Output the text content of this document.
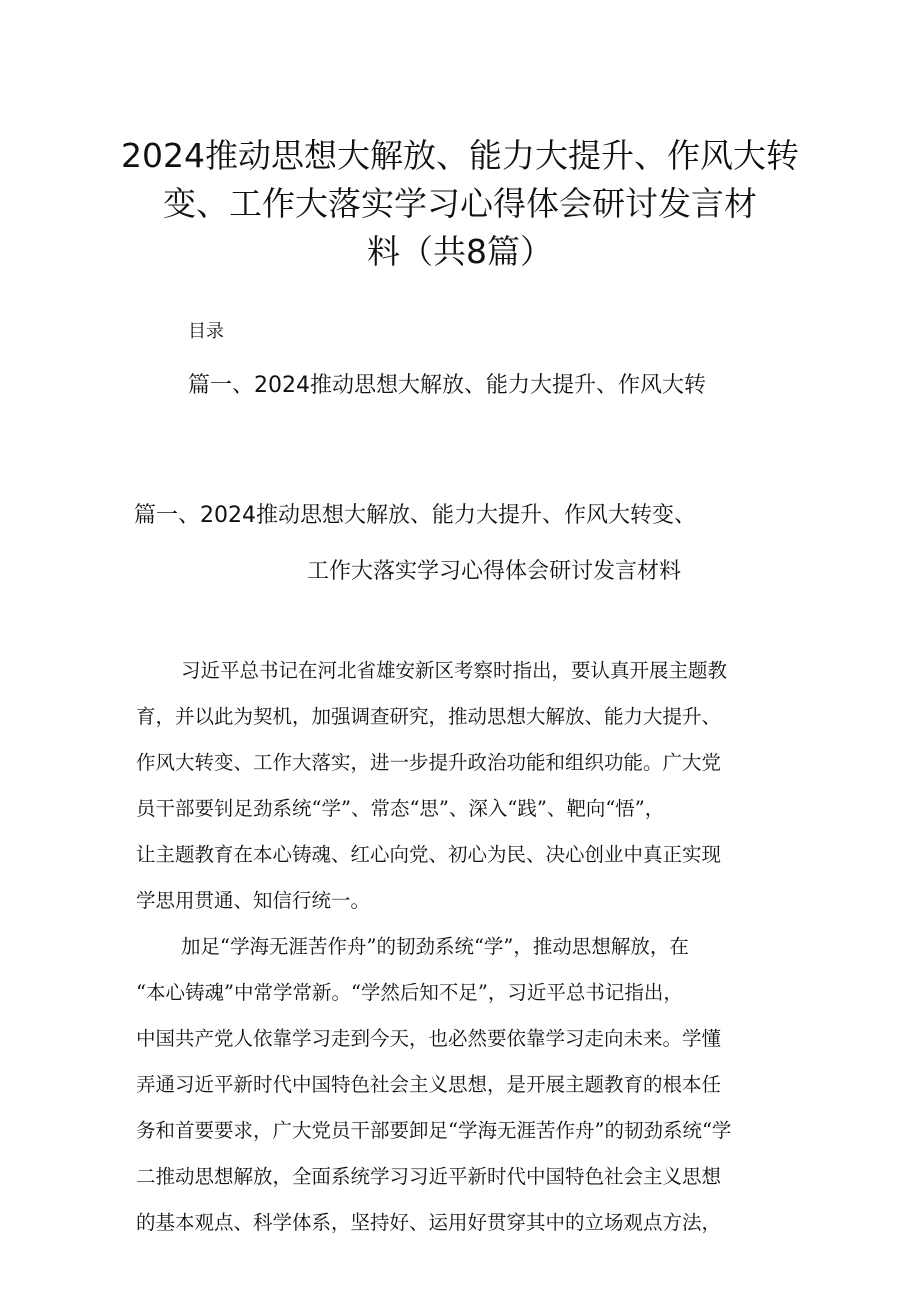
2024推动思想大解放、能力大提升、作风大转
变、工作大落实学习心得体会研讨发言材
料（共8篇）
目录
篇一、2024推动思想大解放、能力大提升、作风大转
篇一、2024推动思想大解放、能力大提升、作风大转变、
工作大落实学习心得体会研讨发言材料
习近平总书记在河北省雄安新区考察时指出，要认真开展主题教
育，并以此为契机，加强调查研究，推动思想大解放、能力大提升、
作风大转变、工作大落实，进一步提升政治功能和组织功能。广大党
员干部要钊足劲系统“学”、常态“思”、深入“践”、靶向“悟”，
让主题教育在本心铸魂、红心向党、初心为民、决心创业中真正实现
学思用贯通、知信行统一。
加足“学海无涯苦作舟”的韧劲系统“学”，推动思想解放，在
“本心铸魂”中常学常新。“学然后知不足”，习近平总书记指出，
中国共产党人依靠学习走到今天，也必然要依靠学习走向未来。学懂
弄通习近平新时代中国特色社会主义思想，是开展主题教育的根本任
务和首要要求，广大党员干部要卸足“学海无涯苦作舟”的韧劲系统“学
二推动思想解放，全面系统学习习近平新时代中国特色社会主义思想
的基本观点、科学体系，坚持好、运用好贯穿其中的立场观点方法，
